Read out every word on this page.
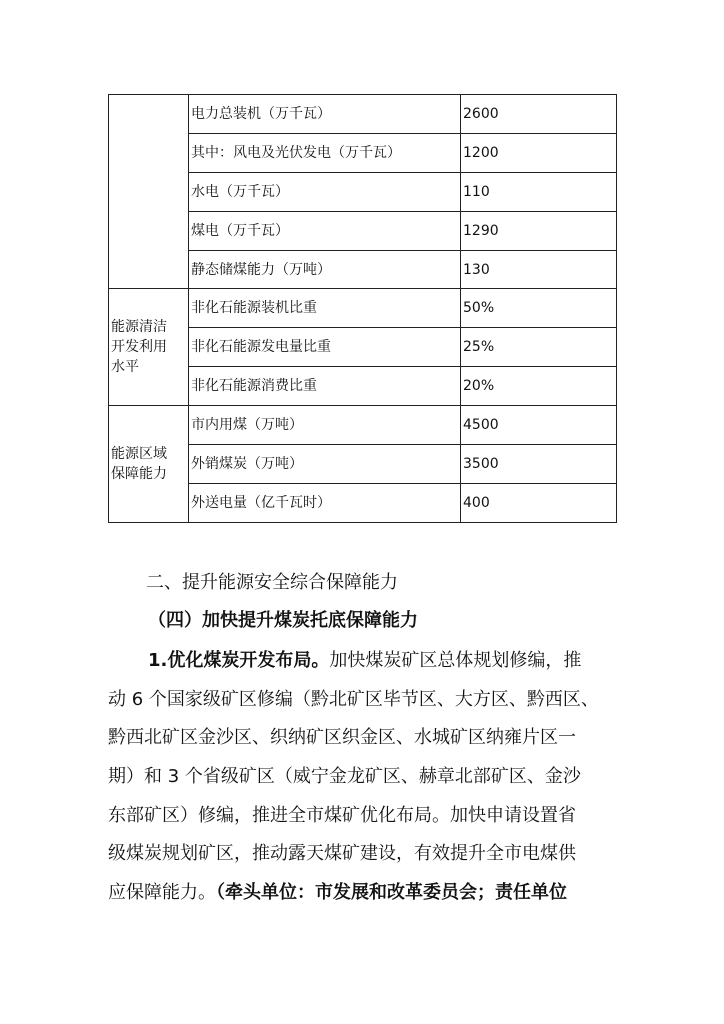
	电力总装机（万千瓦）	2600
	其中：风电及光伏发电（万千瓦）	1200
	水电（万千瓦）	110
	煤电（万千瓦）	1290
	静态储煤能力（万吨）	130

能源清洁
开发利用
水平	非化石能源装机比重	50%
	非化石能源发电量比重	25%
	非化石能源消费比重	20%

能源区域
保障能力	市内用煤（万吨）	4500
	外销煤炭（万吨）	3500
	外送电量（亿千瓦时）	400
二、提升能源安全综合保障能力
（四）加快提升煤炭托底保障能力
1.优化煤炭开发布局。加快煤炭矿区总体规划修编，推
动 6 个国家级矿区修编（黔北矿区毕节区、大方区、黔西区、
黔西北矿区金沙区、织纳矿区织金区、水城矿区纳雍片区一
期）和 3 个省级矿区（威宁金龙矿区、赫章北部矿区、金沙
东部矿区）修编，推进全市煤矿优化布局。加快申请设置省
级煤炭规划矿区，推动露天煤矿建设，有效提升全市电煤供
应保障能力。（牵头单位：市发展和改革委员会；责任单位
